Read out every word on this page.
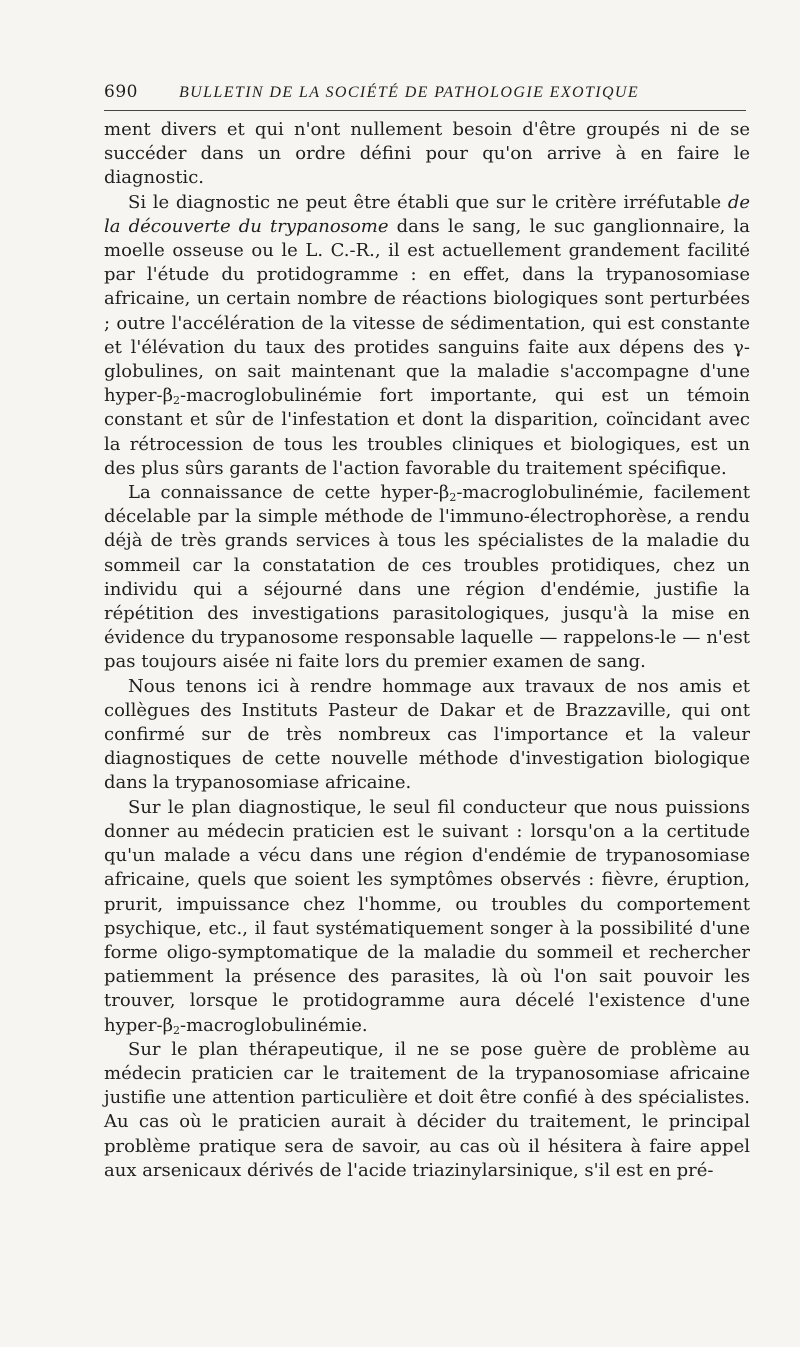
690	BULLETIN DE LA SOCIÉTÉ DE PATHOLOGIE EXOTIQUE

ment divers et qui n'ont nullement besoin d'être groupés ni de se succéder dans un ordre défini pour qu'on arrive à en faire le diagnostic.

Si le diagnostic ne peut être établi que sur le critère irréfutable de la découverte du trypanosome dans le sang, le suc ganglionnaire, la moelle osseuse ou le L. C.-R., il est actuellement grandement facilité par l'étude du protidogramme : en effet, dans la trypanosomiase africaine, un certain nombre de réactions biologiques sont perturbées ; outre l'accélération de la vitesse de sédimentation, qui est constante et l'élévation du taux des protides sanguins faite aux dépens des γ-globulines, on sait maintenant que la maladie s'accompagne d'une hyper-$\beta_2$-macroglobulinémie fort importante, qui est un témoin constant et sûr de l'infestation et dont la disparition, coïncidant avec la rétrocession de tous les troubles cliniques et biologiques, est un des plus sûrs garants de l'action favorable du traitement spécifique.

La connaissance de cette hyper-$\beta_2$-macroglobulinémie, facilement décelable par la simple méthode de l'immuno-électrophorèse, a rendu déjà de très grands services à tous les spécialistes de la maladie du sommeil car la constatation de ces troubles protidiques, chez un individu qui a séjourné dans une région d'endémie, justifie la répétition des investigations parasitologiques, jusqu'à la mise en évidence du trypanosome responsable laquelle — rappelons-le — n'est pas toujours aisée ni faite lors du premier examen de sang.

Nous tenons ici à rendre hommage aux travaux de nos amis et collègues des Instituts Pasteur de Dakar et de Brazzaville, qui ont confirmé sur de très nombreux cas l'importance et la valeur diagnostiques de cette nouvelle méthode d'investigation biologique dans la trypanosomiase africaine.

Sur le plan diagnostique, le seul fil conducteur que nous puissions donner au médecin praticien est le suivant : lorsqu'on a la certitude qu'un malade a vécu dans une région d'endémie de trypanosomiase africaine, quels que soient les symptômes observés : fièvre, éruption, prurit, impuissance chez l'homme, ou troubles du comportement psychique, etc., il faut systématiquement songer à la possibilité d'une forme oligo-symptomatique de la maladie du sommeil et rechercher patiemment la présence des parasites, là où l'on sait pouvoir les trouver, lorsque le protidogramme aura décelé l'existence d'une hyper-$\beta_2$-macroglobulinémie.

Sur le plan thérapeutique, il ne se pose guère de problème au médecin praticien car le traitement de la trypanosomiase africaine justifie une attention particulière et doit être confié à des spécialistes. Au cas où le praticien aurait à décider du traitement, le principal problème pratique sera de savoir, au cas où il hésitera à faire appel aux arsenicaux dérivés de l'acide triazinylarsinique, s'il est en pré-
